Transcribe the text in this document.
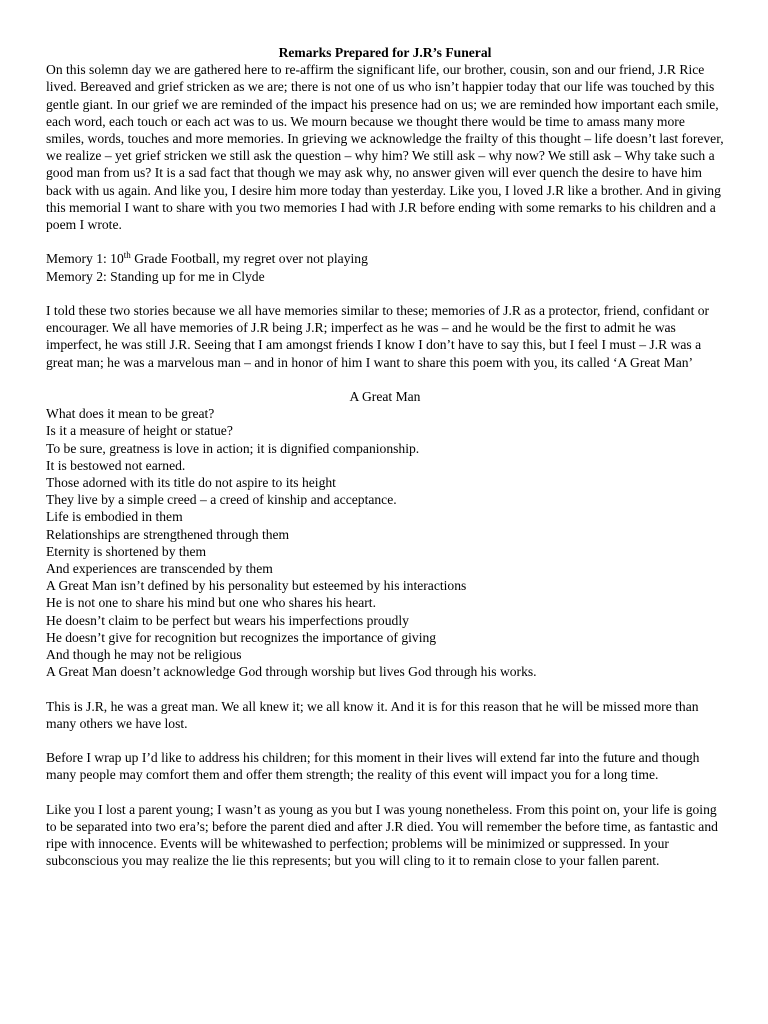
Remarks Prepared for J.R’s Funeral

On this solemn day we are gathered here to re-affirm the significant life, our brother, cousin, son and our friend, J.R Rice lived. Bereaved and grief stricken as we are; there is not one of us who isn’t happier today that our life was touched by this gentle giant. In our grief we are reminded of the impact his presence had on us; we are reminded how important each smile, each word, each touch or each act was to us. We mourn because we thought there would be time to amass many more smiles, words, touches and more memories. In grieving we acknowledge the frailty of this thought – life doesn’t last forever, we realize – yet grief stricken we still ask the question – why him? We still ask – why now? We still ask – Why take such a good man from us? It is a sad fact that though we may ask why, no answer given will ever quench the desire to have him back with us again. And like you, I desire him more today than yesterday. Like you, I loved J.R like a brother. And in giving this memorial I want to share with you two memories I had with J.R before ending with some remarks to his children and a poem I wrote.

Memory 1: 10th Grade Football, my regret over not playing
Memory 2: Standing up for me in Clyde

I told these two stories because we all have memories similar to these; memories of J.R as a protector, friend, confidant or encourager. We all have memories of J.R being J.R; imperfect as he was – and he would be the first to admit he was imperfect, he was still J.R. Seeing that I am amongst friends I know I don’t have to say this, but I feel I must – J.R was a great man; he was a marvelous man – and in honor of him I want to share this poem with you, its called ‘A Great Man’

A Great Man

What does it mean to be great?
Is it a measure of height or statue?
To be sure, greatness is love in action; it is dignified companionship.
It is bestowed not earned.
Those adorned with its title do not aspire to its height
They live by a simple creed – a creed of kinship and acceptance.
Life is embodied in them
Relationships are strengthened through them
Eternity is shortened by them
And experiences are transcended by them
A Great Man isn’t defined by his personality but esteemed by his interactions
He is not one to share his mind but one who shares his heart.
He doesn’t claim to be perfect but wears his imperfections proudly
He doesn’t give for recognition but recognizes the importance of giving
And though he may not be religious
A Great Man doesn’t acknowledge God through worship but lives God through his works.

This is J.R, he was a great man. We all knew it; we all know it. And it is for this reason that he will be missed more than many others we have lost.

Before I wrap up I’d like to address his children; for this moment in their lives will extend far into the future and though many people may comfort them and offer them strength; the reality of this event will impact you for a long time.

Like you I lost a parent young; I wasn’t as young as you but I was young nonetheless. From this point on, your life is going to be separated into two era’s; before the parent died and after J.R died. You will remember the before time, as fantastic and ripe with innocence. Events will be whitewashed to perfection; problems will be minimized or suppressed. In your subconscious you may realize the lie this represents; but you will cling to it to remain close to your fallen parent.
